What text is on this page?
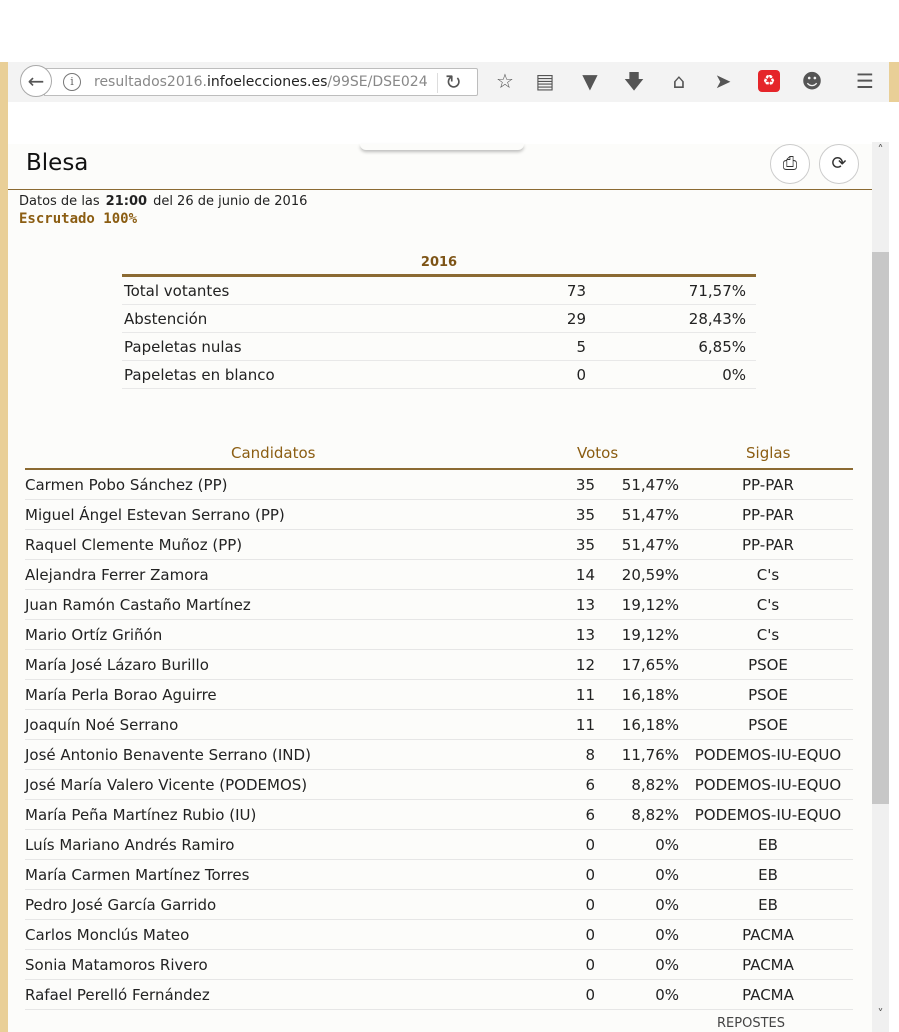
i	resultados2016.infoelecciones.es/99SE/DSE024 ↻
←	☆ ▤ ▼ 🡇	⌂	➤	♻ ☻ ☰
Blesa	⎙	⟳
Datos de las 21:00 del 26 de junio de 2016
Escrutado 100%
2016
Total votantes	73	71,57%
Abstención	29	28,43%
Papeletas nulas	5	6,85%
Papeletas en blanco	0	0%
Candidatos	Votos	Siglas
Carmen Pobo Sánchez (PP)	35	51,47%	PP-PAR
Miguel Ángel Estevan Serrano (PP)	35	51,47%	PP-PAR
Raquel Clemente Muñoz (PP)	35	51,47%	PP-PAR
Alejandra Ferrer Zamora	14	20,59%	C's
Juan Ramón Castaño Martínez	13	19,12%	C's
Mario Ortíz Griñón	13	19,12%	C's
María José Lázaro Burillo	12	17,65%	PSOE
María Perla Borao Aguirre	11	16,18%	PSOE
Joaquín Noé Serrano	11	16,18%	PSOE
José Antonio Benavente Serrano (IND)	8	11,76%	PODEMOS-IU-EQUO
José María Valero Vicente (PODEMOS)	6	8,82%	PODEMOS-IU-EQUO
María Peña Martínez Rubio (IU)	6	8,82%	PODEMOS-IU-EQUO
Luís Mariano Andrés Ramiro	0	0%	EB
María Carmen Martínez Torres	0	0%	EB
Pedro José García Garrido	0	0%	EB
Carlos Monclús Mateo	0	0%	PACMA
Sonia Matamoros Rivero	0	0%	PACMA
Rafael Perelló Fernández	0	0%	PACMA
REPOSTES
˄
˅
